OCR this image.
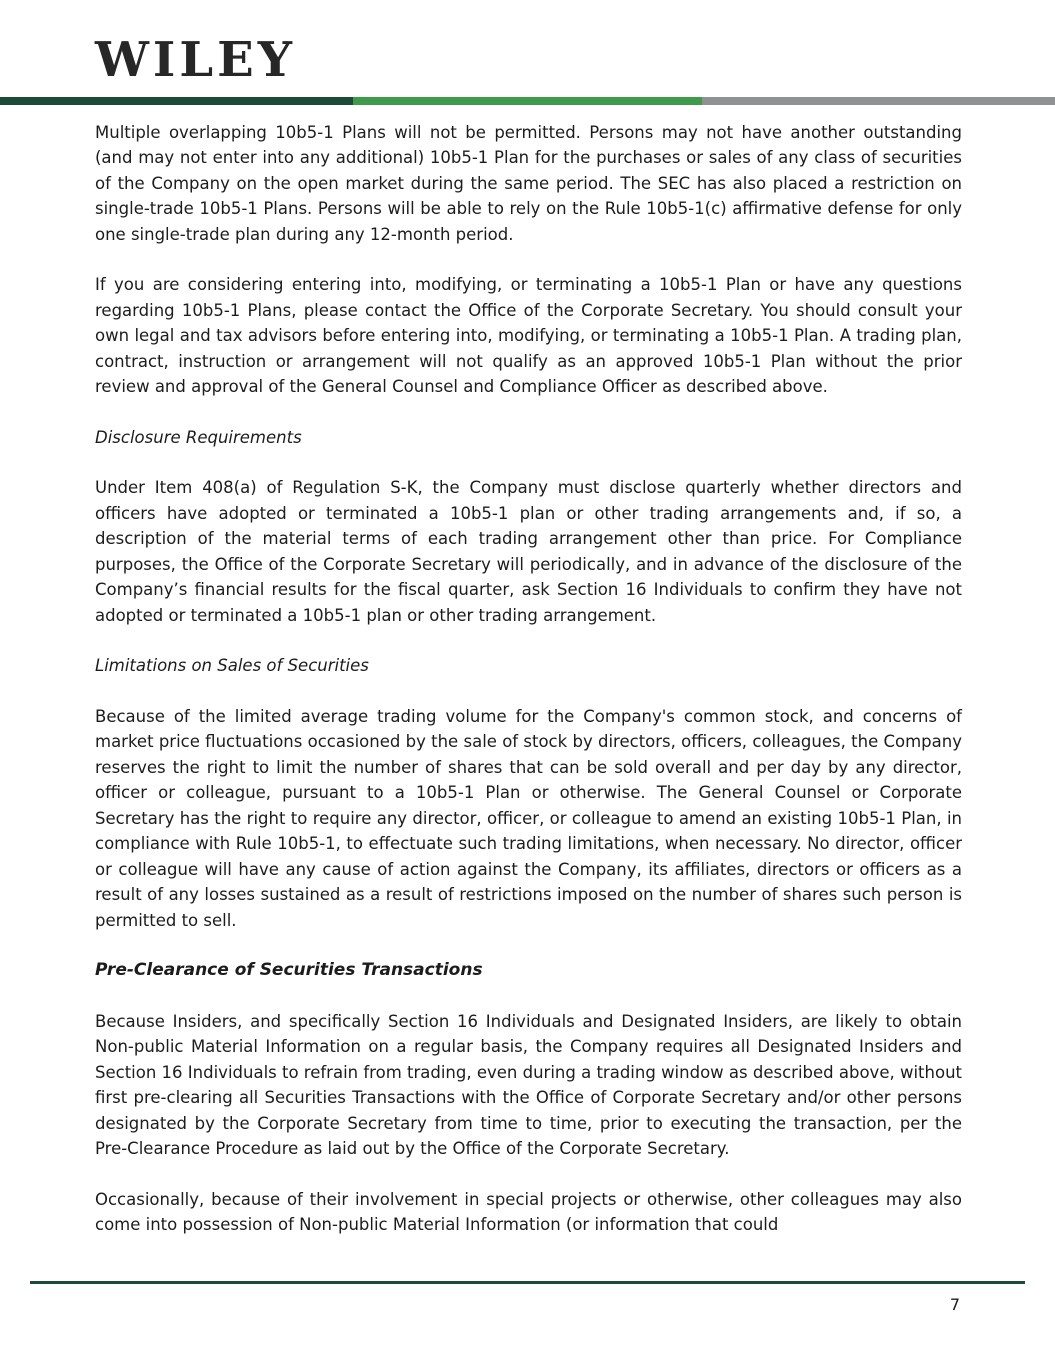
WILEY

Multiple overlapping 10b5-1 Plans will not be permitted. Persons may not have another outstanding (and may not enter into any additional) 10b5-1 Plan for the purchases or sales of any class of securities of the Company on the open market during the same period. The SEC has also placed a restriction on single-trade 10b5-1 Plans. Persons will be able to rely on the Rule 10b5-1(c) affirmative defense for only one single-trade plan during any 12-month period.

If you are considering entering into, modifying, or terminating a 10b5-1 Plan or have any questions regarding 10b5-1 Plans, please contact the Office of the Corporate Secretary. You should consult your own legal and tax advisors before entering into, modifying, or terminating a 10b5-1 Plan. A trading plan, contract, instruction or arrangement will not qualify as an approved 10b5-1 Plan without the prior review and approval of the General Counsel and Compliance Officer as described above.

Disclosure Requirements

Under Item 408(a) of Regulation S-K, the Company must disclose quarterly whether directors and officers have adopted or terminated a 10b5-1 plan or other trading arrangements and, if so, a description of the material terms of each trading arrangement other than price. For Compliance purposes, the Office of the Corporate Secretary will periodically, and in advance of the disclosure of the Company’s financial results for the fiscal quarter, ask Section 16 Individuals to confirm they have not adopted or terminated a 10b5-1 plan or other trading arrangement.

Limitations on Sales of Securities

Because of the limited average trading volume for the Company's common stock, and concerns of market price fluctuations occasioned by the sale of stock by directors, officers, colleagues, the Company reserves the right to limit the number of shares that can be sold overall and per day by any director, officer or colleague, pursuant to a 10b5-1 Plan or otherwise. The General Counsel or Corporate Secretary has the right to require any director, officer, or colleague to amend an existing 10b5-1 Plan, in compliance with Rule 10b5-1, to effectuate such trading limitations, when necessary. No director, officer or colleague will have any cause of action against the Company, its affiliates, directors or officers as a result of any losses sustained as a result of restrictions imposed on the number of shares such person is permitted to sell.

Pre-Clearance of Securities Transactions

Because Insiders, and specifically Section 16 Individuals and Designated Insiders, are likely to obtain Non-public Material Information on a regular basis, the Company requires all Designated Insiders and Section 16 Individuals to refrain from trading, even during a trading window as described above, without first pre-clearing all Securities Transactions with the Office of Corporate Secretary and/or other persons designated by the Corporate Secretary from time to time, prior to executing the transaction, per the Pre-Clearance Procedure as laid out by the Office of the Corporate Secretary.

Occasionally, because of their involvement in special projects or otherwise, other colleagues may also come into possession of Non-public Material Information (or information that could

7
